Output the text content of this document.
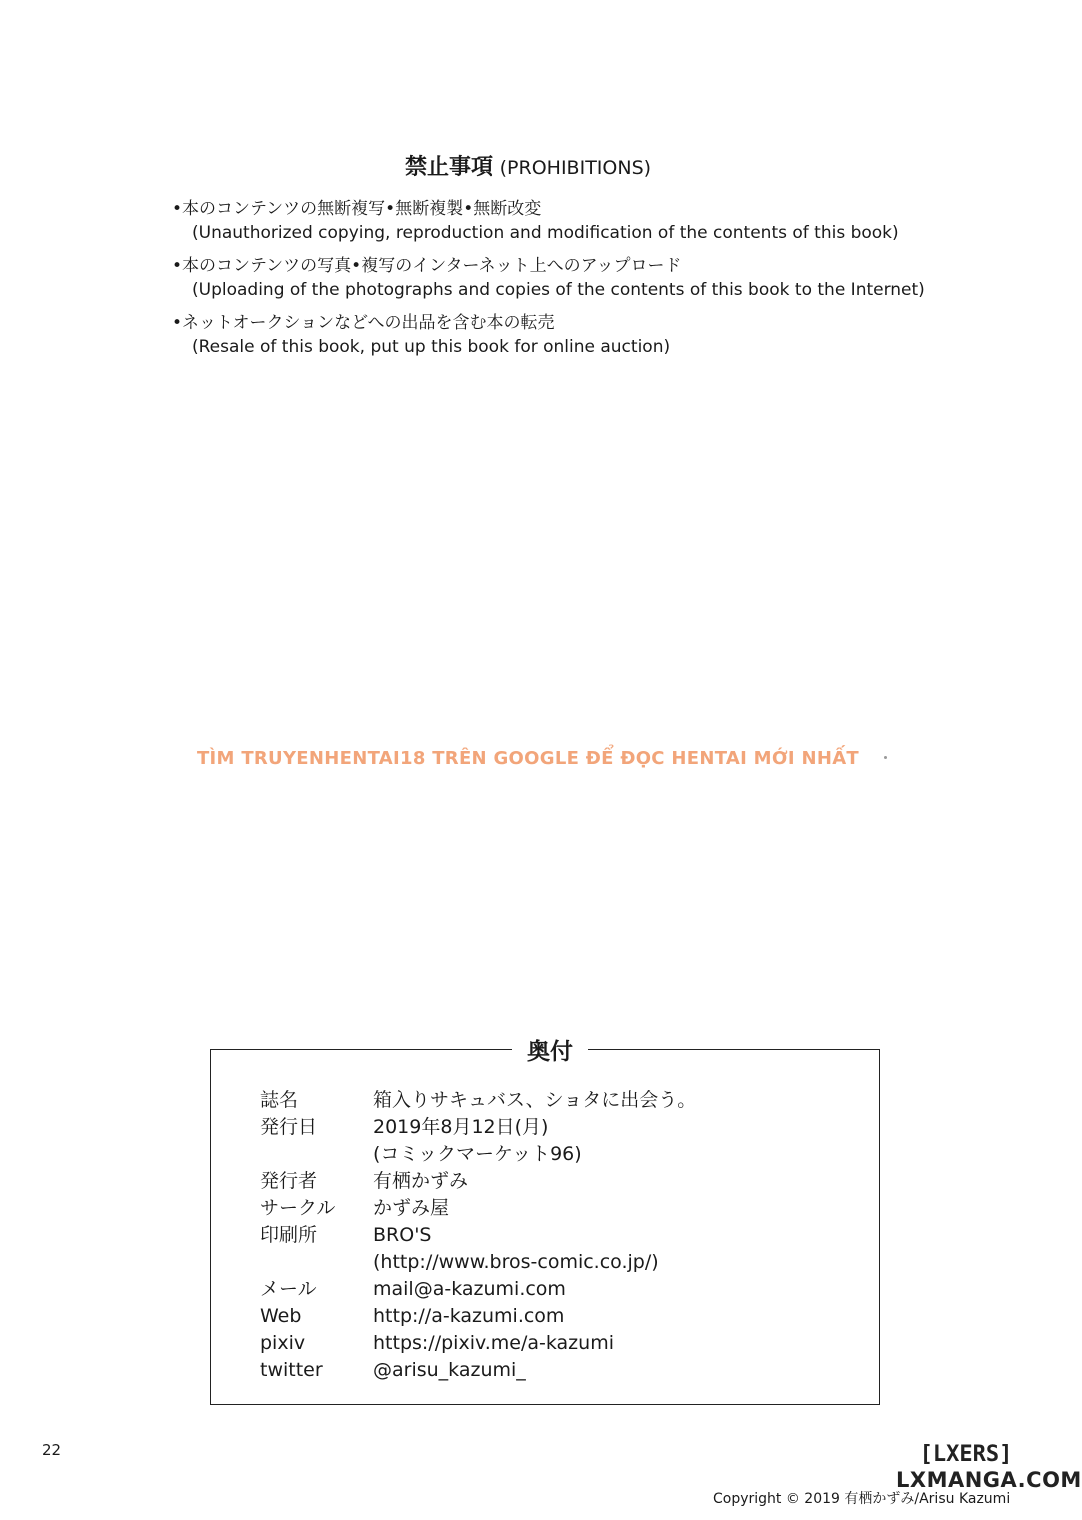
禁止事項 (PROHIBITIONS)
•本のコンテンツの無断複写•無断複製•無断改変
(Unauthorized copying, reproduction and modification of the contents of this book)
•本のコンテンツの写真•複写のインターネット上へのアップロード
(Uploading of the photographs and copies of the contents of this book to the Internet)
•ネットオークションなどへの出品を含む本の転売
(Resale of this book, put up this book for online auction)
TÌM TRUYENHENTAI18 TRÊN GOOGLE ĐỂ ĐỌC HENTAI MỚI NHẤT
奥付
誌名	箱入りサキュバス、ショタに出会う。
発行日	2019年8月12日(月)
(コミックマーケット96)
発行者	有栖かずみ
サークル かずみ屋
印刷所	BRO'S
(http://www.bros-comic.co.jp/)
メール	mail@a-kazumi.com
Web	http://a-kazumi.com
pixiv	https://pixiv.me/a-kazumi
twitter	@arisu_kazumi_
22	[LXERS]
LXMANGA.COM
Copyright © 2019 有栖かずみ/Arisu Kazumi
